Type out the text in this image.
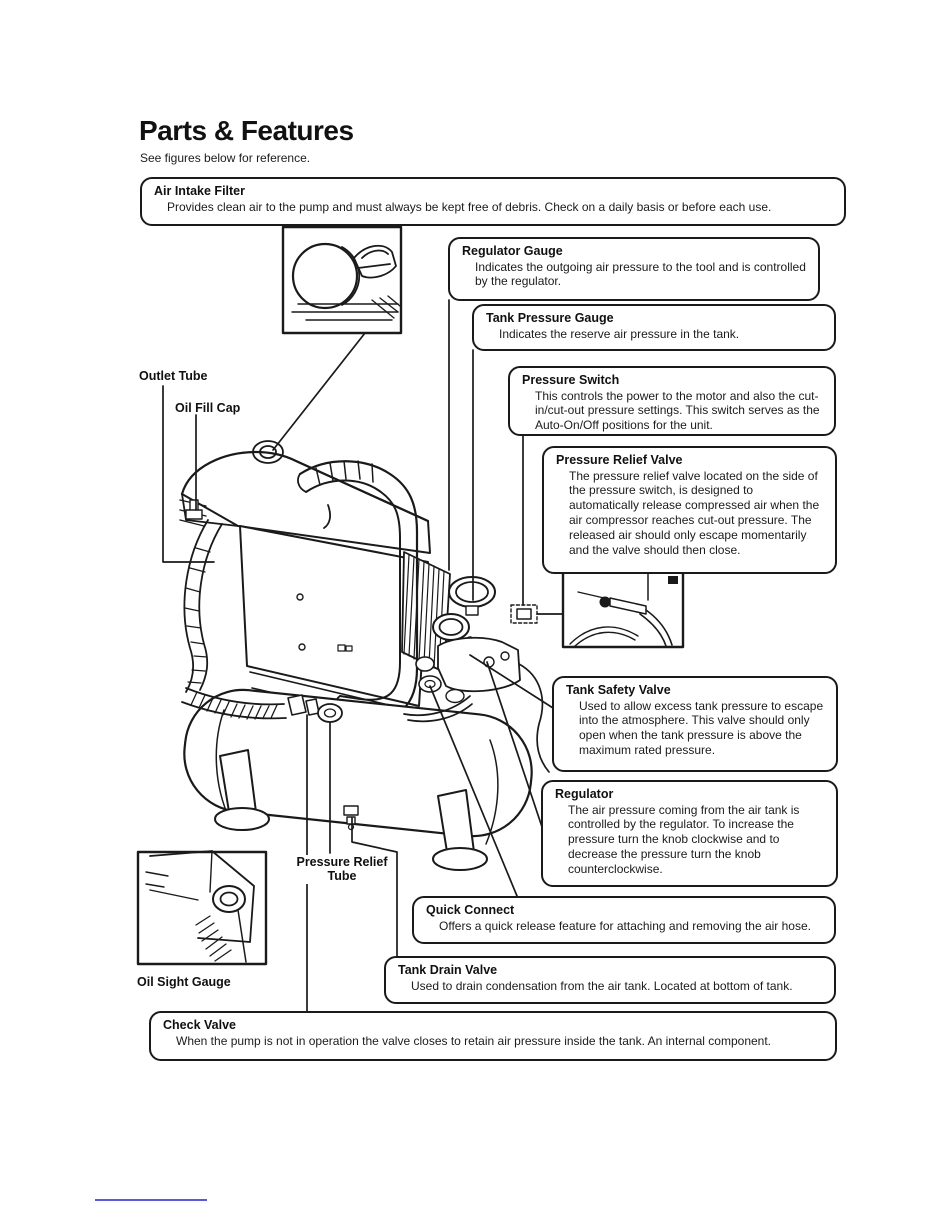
Parts & Features
See figures below for reference.
Air Intake Filter
Provides clean air to the pump and must always be kept free of debris. Check on a daily basis or before each use.
Regulator Gauge
Indicates the outgoing air pressure to the tool and is controlled by the regulator.
Tank Pressure Gauge
Indicates the reserve air pressure in the tank.
Pressure Switch
This controls the power to the motor and also the cut-in/cut-out pressure settings. This switch serves as the Auto-On/Off positions for the unit.
Pressure Relief Valve
The pressure relief valve located on the side of the pressure switch, is designed to automatically release compressed air when the air compressor reaches cut-out pressure. The released air should only escape momentarily and the valve should then close.
Tank Safety Valve
Used to allow excess tank pressure to escape into the atmosphere. This valve should only open when the tank pressure is above the maximum rated pressure.
Regulator
The air pressure coming from the air tank is controlled by the regulator. To increase the pressure turn the knob clockwise and to decrease the pressure turn the knob counterclockwise.
Quick Connect
Offers a quick release feature for attaching and removing the air hose.
Tank Drain Valve
Used to drain condensation from the air tank. Located at bottom of tank.
Check Valve
When the pump is not in operation the valve closes to retain air pressure inside the tank. An internal component.
Outlet Tube
Oil Fill Cap
Pressure Relief Tube
Oil Sight Gauge
